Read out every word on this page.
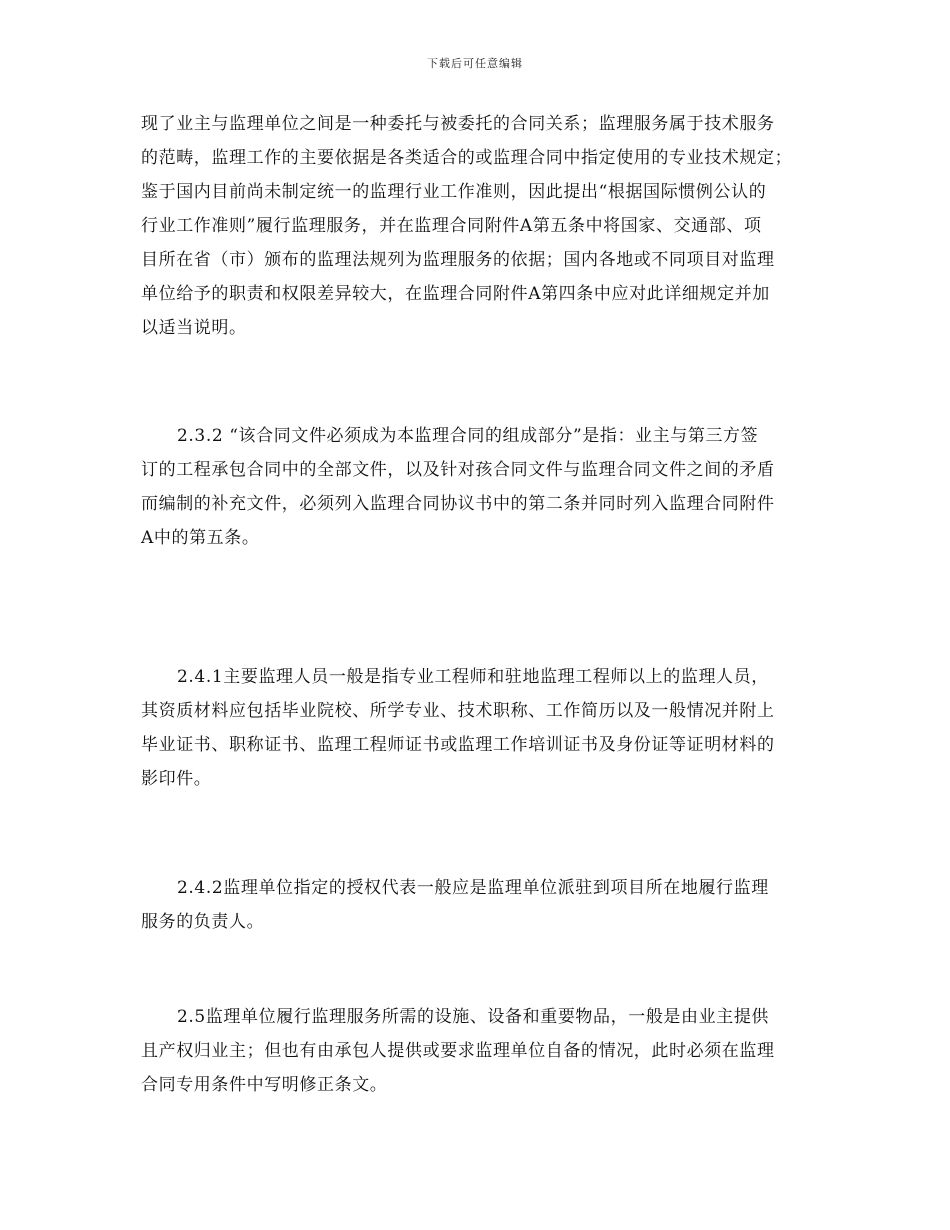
下载后可任意编辑
现了业主与监理单位之间是一种委托与被委托的合同关系；监理服务属于技术服务
的范畴，监理工作的主要依据是各类适合的或监理合同中指定使用的专业技术规定；
鉴于国内目前尚未制定统一的监理行业工作准则，因此提出“根据国际惯例公认的
行业工作准则”履行监理服务，并在监理合同附件A第五条中将国家、交通部、项
目所在省（市）颁布的监理法规列为监理服务的依据；国内各地或不同项目对监理
单位给予的职责和权限差异较大，在监理合同附件A第四条中应对此详细规定并加
以适当说明。
2.3.2 “该合同文件必须成为本监理合同的组成部分”是指：业主与第三方签
订的工程承包合同中的全部文件，以及针对孩合同文件与监理合同文件之间的矛盾
而编制的补充文件，必须列入监理合同协议书中的第二条并同时列入监理合同附件
A中的第五条。
2.4.1主要监理人员一般是指专业工程师和驻地监理工程师以上的监理人员，
其资质材料应包括毕业院校、所学专业、技术职称、工作简历以及一般情况并附上
毕业证书、职称证书、监理工程师证书或监理工作培训证书及身份证等证明材料的
影印件。
2.4.2监理单位指定的授权代表一般应是监理单位派驻到项目所在地履行监理
服务的负责人。
2.5监理单位履行监理服务所需的设施、设备和重要物品，一般是由业主提供
且产权归业主；但也有由承包人提供或要求监理单位自备的情况，此时必须在监理
合同专用条件中写明修正条文。
